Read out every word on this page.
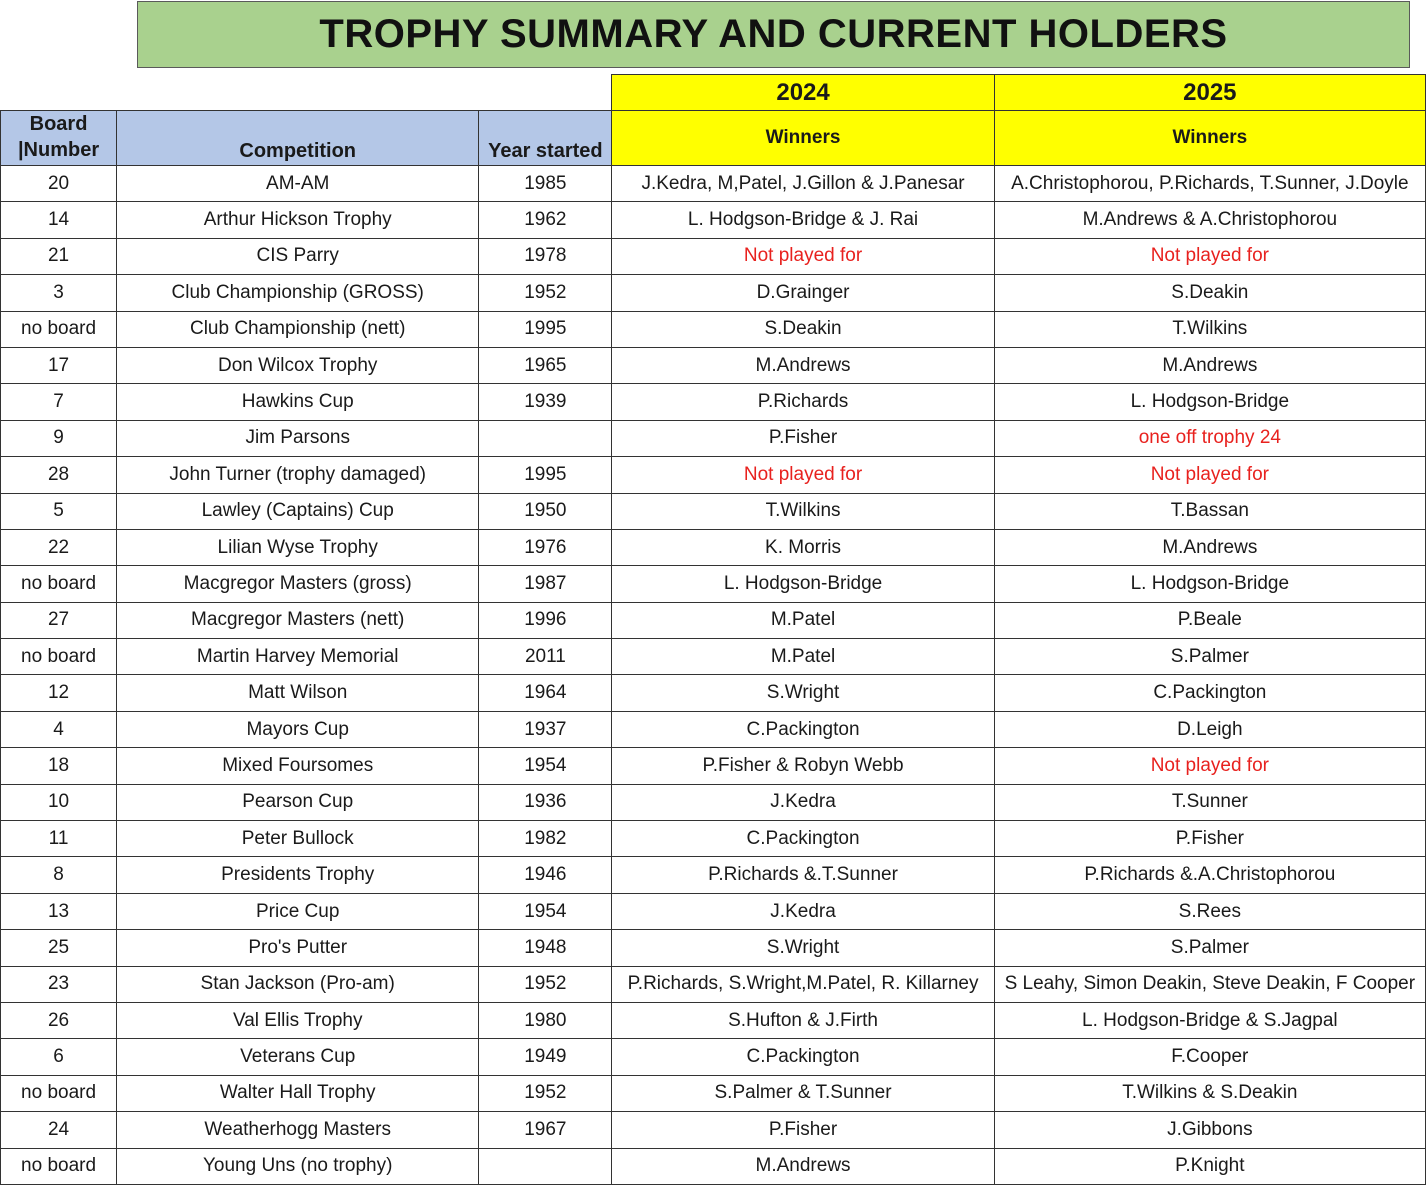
TROPHY SUMMARY AND CURRENT HOLDERS
			2024	2025
Board
|Number	Competition	Year started	Winners	Winners
20	AM-AM	1985	J.Kedra, M,Patel, J.Gillon & J.Panesar	A.Christophorou, P.Richards, T.Sunner, J.Doyle
14	Arthur Hickson Trophy	1962	L. Hodgson-Bridge & J. Rai	M.Andrews & A.Christophorou
21	CIS Parry	1978	Not played for	Not played for
3	Club Championship (GROSS)	1952	D.Grainger	S.Deakin
no board	Club Championship (nett)	1995	S.Deakin	T.Wilkins
17	Don Wilcox Trophy	1965	M.Andrews	M.Andrews
7	Hawkins Cup	1939	P.Richards	L. Hodgson-Bridge
9	Jim Parsons		P.Fisher	one off trophy 24
28	John Turner (trophy damaged)	1995	Not played for	Not played for
5	Lawley (Captains) Cup	1950	T.Wilkins	T.Bassan
22	Lilian Wyse Trophy	1976	K. Morris	M.Andrews
no board	Macgregor Masters (gross)	1987	L. Hodgson-Bridge	L. Hodgson-Bridge
27	Macgregor Masters (nett)	1996	M.Patel	P.Beale
no board	Martin Harvey Memorial	2011	M.Patel	S.Palmer
12	Matt Wilson	1964	S.Wright	C.Packington
4	Mayors Cup	1937	C.Packington	D.Leigh
18	Mixed Foursomes	1954	P.Fisher & Robyn Webb	Not played for
10	Pearson Cup	1936	J.Kedra	T.Sunner
11	Peter Bullock	1982	C.Packington	P.Fisher
8	Presidents Trophy	1946	P.Richards &.T.Sunner	P.Richards &.A.Christophorou
13	Price Cup	1954	J.Kedra	S.Rees
25	Pro's Putter	1948	S.Wright	S.Palmer
23	Stan Jackson (Pro-am)	1952	P.Richards, S.Wright,M.Patel, R. Killarney	S Leahy, Simon Deakin, Steve Deakin, F Cooper
26	Val Ellis Trophy	1980	S.Hufton & J.Firth	L. Hodgson-Bridge & S.Jagpal
6	Veterans Cup	1949	C.Packington	F.Cooper
no board	Walter Hall Trophy	1952	S.Palmer & T.Sunner	T.Wilkins & S.Deakin
24	Weatherhogg Masters	1967	P.Fisher	J.Gibbons
no board	Young Uns (no trophy)		M.Andrews	P.Knight
